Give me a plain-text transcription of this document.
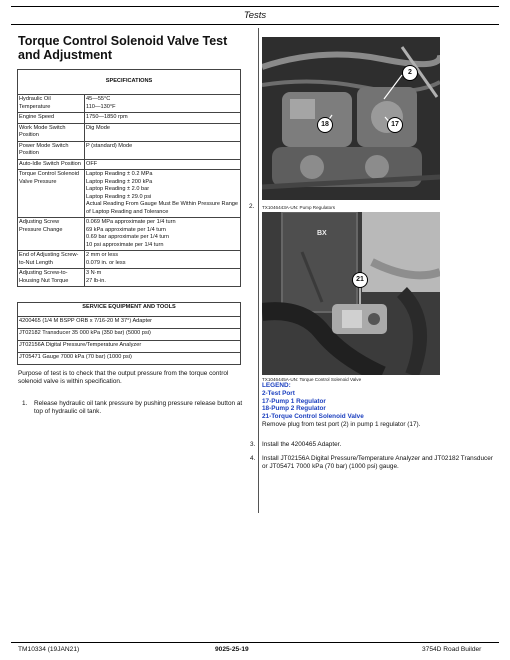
Tests
Torque Control Solenoid Valve Test and Adjustment
SPECIFICATIONS	
Hydraulic Oil Temperature	45—55°C
110—130°F

Engine Speed	1750—1850 rpm

Work Mode Switch Position	Dig Mode

Power Mode Switch Position	P (standard) Mode

Auto-Idle Switch Position	OFF

Torque Control Solenoid Valve Pressure	Laptop Reading ± 0.2 MPa
Laptop Reading ± 200 kPa
Laptop Reading ± 2.0 bar
Laptop Reading ± 29.0 psi
Actual Reading From Gauge Must Be Within Pressure Range of Laptop Reading and Tolerance

Adjusting Screw Pressure Change	0.069 MPa approximate per 1/4 turn
69 kPa approximate per 1/4 turn
0.69 bar approximate per 1/4 turn
10 psi approximate per 1/4 turn

End of Adjusting Screw-to-Nut Length	2 mm or less
0.079 in. or less

Adjusting Screw-to-Housing Nut Torque	3 N·m
27 lb-in.
SERVICE EQUIPMENT AND TOOLS
4200465 (1/4 M BSPP ORB x 7/16-20 M 37°) Adapter
JT02182 Transducer 35 000 kPa (350 bar) (5000 psi)
JT02156A Digital Pressure/Temperature Analyzer
JT05471 Gauge 7000 kPa (70 bar) (1000 psi)

Purpose of test is to check that the output pressure from the torque control solenoid valve is within specification.

1. Release hydraulic oil tank pressure by pushing pressure release button at top of hydraulic oil tank.

2
18	17
2. TX1046443A-UN: Pump Regulators
BX
21
TX1046445A-UN: Torque Control Solenoid Valve
LEGEND:
2-Test Port
17-Pump 1 Regulator
18-Pump 2 Regulator
21-Torque Control Solenoid Valve
Remove plug from test port (2) in pump 1 regulator (17).
3. Install the 4200465 Adapter.

4. Install JT02156A Digital Pressure/Temperature Analyzer and JT02182 Transducer or JT05471 7000 kPa (70 bar) (1000 psi) gauge.

TM10334 (19JAN21)	9025-25-19	3754D Road Builder
